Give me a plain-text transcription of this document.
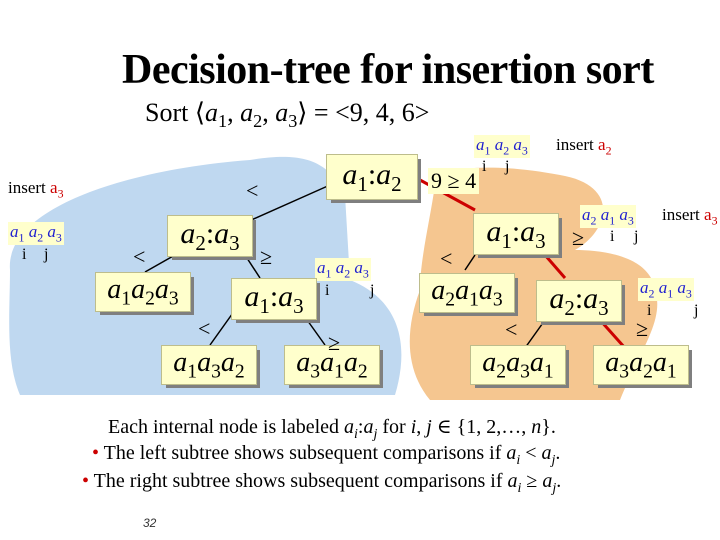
Decision-tree for insertion sort
Sort $⟨a_1$, $a_2$, $a_3⟩ = <9$, 4, 6>
insert $a_3$
insert $a_2$
insert $a_3$
$a_1$ $a_2$ $a_3$
i j
$a_1$ $a_2$ $a_3$
i j
$a_1$ $a_2$ $a_3$
i	j
$a_2$ $a_1$ $a_3$
i j
$a_2$ $a_1$ $a_3$
i	j
9 ≥ 4
$a_1:a_2$
$a_2:a_3$
$a_1:a_3$
$a_1:a_3$
$a_2:a_3$
$a_1a_2a_3$
$a_1a_3a_2$ $a_3a_1a_2$
$a_2a_1a_3$
$a_2a_3a_1$ $a_3a_2a_1$
<
<	≥
<
≥
<
≥
<	≥
Each internal node is labeled $a_i:a_j$ for i, j ∈ {1, 2,…, n}.
• The left subtree shows subsequent comparisons if $a_i < a_j$.
• The right subtree shows subsequent comparisons if $a_i \ge a_j$.
32
